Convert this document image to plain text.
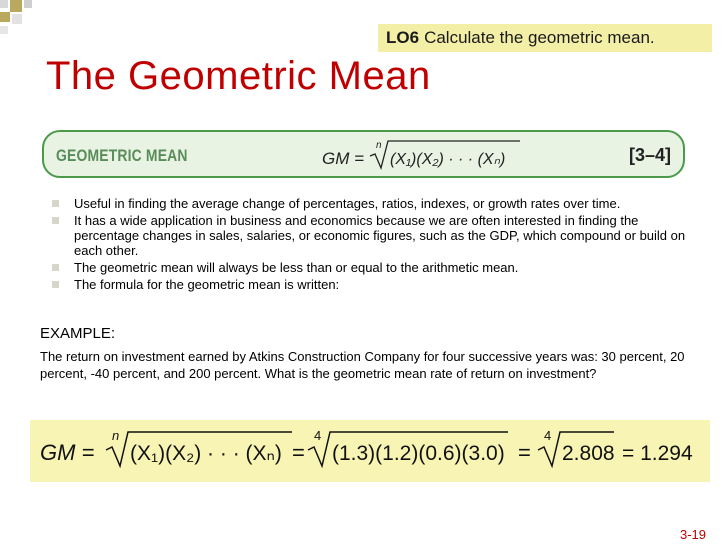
LO6 Calculate the geometric mean.
The Geometric Mean
GEOMETRIC MEAN	GM =
n
(X₁)(X₂) · · · (Xₙ)	[3–4]
Useful in finding the average change of percentages, ratios, indexes, or growth rates over time.
It has a wide application in business and economics because we are often interested in finding the percentage changes in sales, salaries, or economic figures, such as the GDP, which compound or build on each other.
The geometric mean will always be less than or equal to the arithmetic mean.
The formula for the geometric mean is written:
EXAMPLE:
The return on investment earned by Atkins Construction Company for four successive years was: 30 percent, 20 percent, -40 percent, and 200 percent. What is the geometric mean rate of return on investment?
GM =
n
(X₁)(X₂) · · · (Xₙ) =
4
(1.3)(1.2)(0.6)(3.0) =
4
2.808 = 1.294
3-19
